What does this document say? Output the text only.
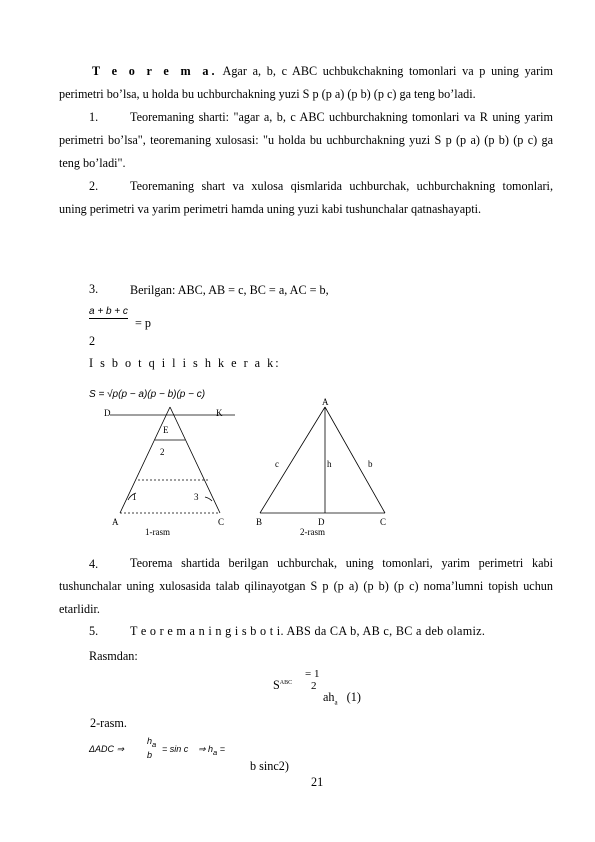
T e o r e m a. Agar a, b, c ABC uchbukchakning tomonlari va p uning yarim perimetri bo’lsa, u holda bu uchburchakning yuzi S p (p a) (p b) (p c) ga teng bo’ladi.
1.	Teoremaning sharti: "agar a, b, c ABC uchburchakning tomonlari va R uning yarim perimetri bo’lsa", teoremaning xulosasi: "u holda bu uchburchakning yuzi S p (p a) (p b) (p c) ga teng bo’ladi".
2.	Teoremaning shart va xulosa qismlarida uchburchak, uchburchakning tomonlari, uning perimetri va yarim perimetri hamda uning yuzi kabi tushunchalar qatnashayapti.
3.	Berilgan: ABC, AB = c, BC = a, AC = b,
a + b + c
= p
2
I s b o t q i l i s h k e r a k:
S = √p(p − a)(p − b)(p − c)
D
E
K
A	C
1
2
3
1-rasm
A
B	D	C
c	h	b
2-rasm
4.	Teorema shartida berilgan uchburchak, uning tomonlari, yarim perimetri kabi tushunchalar uning xulosasida talab qilinayotgan S p (p a) (p b) (p c) noma’lumni topish uchun etarlidir.
5.	T e o r e m a n i n g i s b o t i. ABS da CA b, AB c, BC a deb olamiz.
Rasmdan:
$S^{ABC}$
= 1
2
$ah_a$ (1)
2-rasm.
ΔADC ⇒
$h_a$
b
= sin c ⇒ $h_a$ =
b sinc2)
21
